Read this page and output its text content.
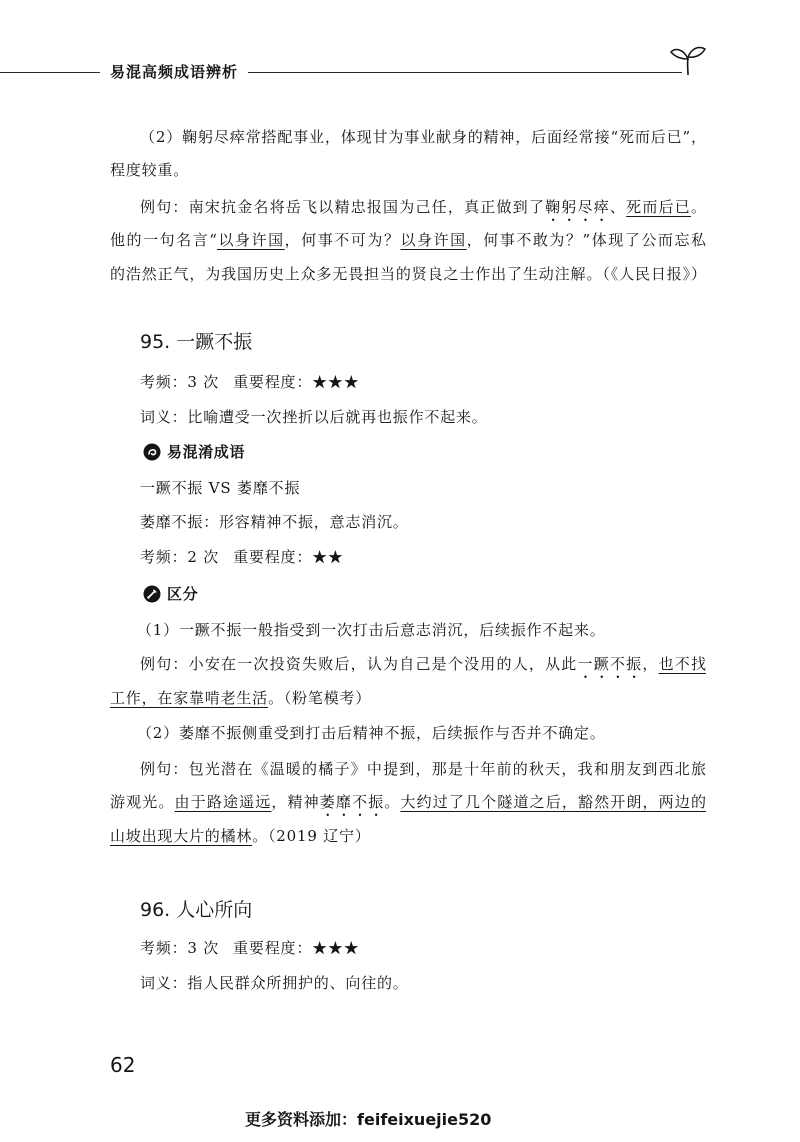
易混高频成语辨析
（2）鞠躬尽瘁常搭配事业，体现甘为事业献身的精神，后面经常接“死而后已”，
程度较重。
例句：南宋抗金名将岳飞以精忠报国为己任，真正做到了鞠躬尽瘁、死而后已。
他的一句名言“以身许国，何事不可为？以身许国，何事不敢为？”体现了公而忘私
的浩然正气，为我国历史上众多无畏担当的贤良之士作出了生动注解。（《人民日报》）
95. 一蹶不振
考频：3 次 重要程度：★★★
词义：比喻遭受一次挫折以后就再也振作不起来。
易混淆成语
一蹶不振 VS 萎靡不振
萎靡不振：形容精神不振，意志消沉。
考频：2 次 重要程度：★★
区分
（1）一蹶不振一般指受到一次打击后意志消沉，后续振作不起来。
例句：小安在一次投资失败后，认为自己是个没用的人，从此一蹶不振，也不找
工作，在家靠啃老生活。（粉笔模考）
（2）萎靡不振侧重受到打击后精神不振，后续振作与否并不确定。
例句：包光潜在《温暖的橘子》中提到，那是十年前的秋天，我和朋友到西北旅
游观光。由于路途遥远，精神萎靡不振。大约过了几个隧道之后，豁然开朗，两边的
山坡出现大片的橘林。（2019 辽宁）
96. 人心所向
考频：3 次 重要程度：★★★
词义：指人民群众所拥护的、向往的。
62
更多资料添加：feifeixuejie520
